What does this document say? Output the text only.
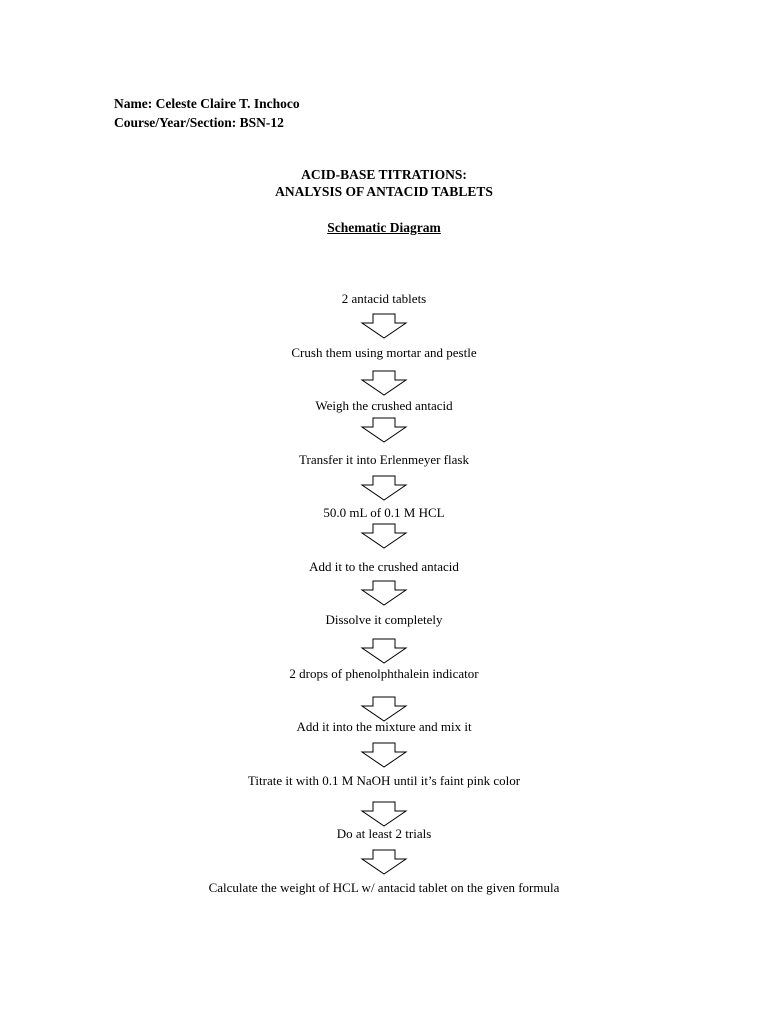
Name: Celeste Claire T. Inchoco
Course/Year/Section: BSN-12
ACID-BASE TITRATIONS:
ANALYSIS OF ANTACID TABLETS
Schematic Diagram
2 antacid tablets
Crush them using mortar and pestle
Weigh the crushed antacid
Transfer it into Erlenmeyer flask
50.0 mL of 0.1 M HCL
Add it to the crushed antacid
Dissolve it completely
2 drops of phenolphthalein indicator
Add it into the mixture and mix it
Titrate it with 0.1 M NaOH until it’s faint pink color
Do at least 2 trials
Calculate the weight of HCL w/ antacid tablet on the given formula
